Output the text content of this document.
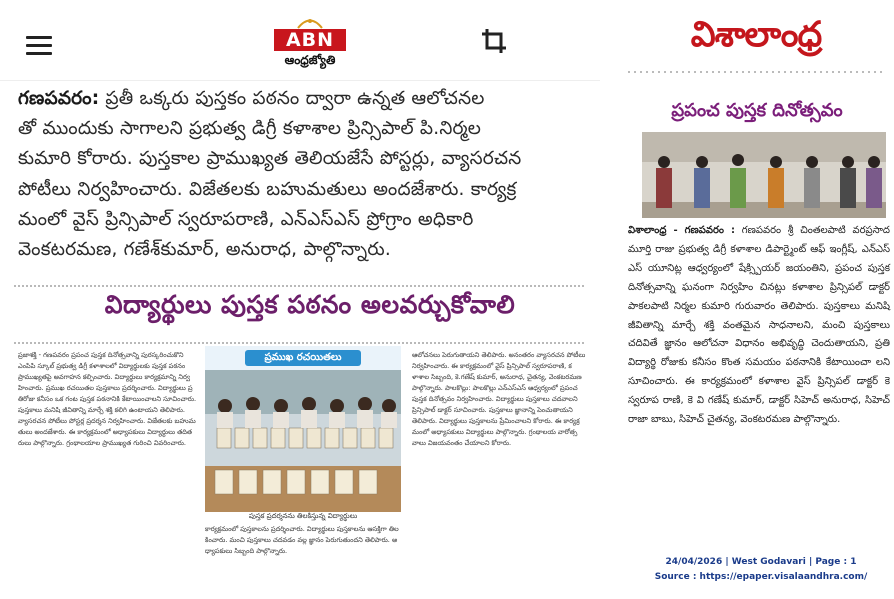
ABN
ఆంధ్రజ్యోతి
గణపవరం: ప్రతీ ఒక్కరు పుస్తకం పఠనం ద్వారా ఉన్నత ఆలోచనల
తో ముందుకు సాగాలని ప్రభుత్వ డిగ్రీ కళాశాల ప్రిన్సిపాల్ పి.నిర్మల
కుమారి కోరారు. పుస్తకాల ప్రాముఖ్యత తెలియజేసే పోస్టర్లు, వ్యాసరచన
పోటీలు నిర్వహించారు. విజేతలకు బహుమతులు అందజేశారు. కార్యక్ర
మంలో వైస్ ప్రిన్సిపాల్ స్వరూపరాణి, ఎన్ఎస్ఎస్ ప్రోగ్రాం అధికారి
వెంకటరమణ, గణేశ్‌కుమార్, అనురాధ, పాల్గొన్నారు.
విద్యార్థులు పుస్తక పఠనం అలవర్చుకోవాలి
ప్రజాశక్తి - గణపవరం ప్రపంచ పుస్తక దినోత్సవాన్ని పురస్కరించుకొని ఎంపిపి స్కూల్ ప్రభుత్వ డిగ్రీ కళాశాలలో విద్యార్థులకు పుస్తక పఠనం ప్రాముఖ్యతపై అవగాహన కల్పించారు. విద్యార్థులు కార్యక్రమాన్ని నిర్వహించారు. ప్రముఖ రచయితల పుస్తకాలు ప్రదర్శించారు. విద్యార్థులు ప్రతిరోజు కనీసం ఒక గంట పుస్తక పఠనానికి కేటాయించాలని సూచించారు. పుస్తకాలు మనిషి జీవితాన్ని మార్చే శక్తి కలిగి ఉంటాయని తెలిపారు. వ్యాసరచన పోటీలు పోస్టర్ల ప్రదర్శన నిర్వహించారు. విజేతలకు బహుమతులు అందజేశారు. ఈ కార్యక్రమంలో అధ్యాపకులు విద్యార్థులు తదితరులు పాల్గొన్నారు. గ్రంథాలయాల ప్రాముఖ్యత గురించి వివరించారు.
ప్రముఖ రచయితలు
పుస్తక ప్రదర్శనను తిలకిస్తున్న విద్యార్థులు
కార్యక్రమంలో పుస్తకాలను ప్రదర్శించారు. విద్యార్థులు పుస్తకాలను ఆసక్తిగా తిలకించారు. మంచి పుస్తకాలు చదవడం వల్ల జ్ఞానం పెరుగుతుందని తెలిపారు. అధ్యాపకులు సిబ్బంది పాల్గొన్నారు.
ఆలోచనలు పెరుగుతాయని తెలిపారు. అనంతరం వ్యాసరచన పోటీలు నిర్వహించారు. ఈ కార్యక్రమంలో వైస్ ప్రిన్సిపాల్ స్వరూపరాణి, కళాశాల సిబ్బంది, కె.గణేష్ కుమార్, అనురాధ, చైతన్య, వెంకటరమణ పాల్గొన్నారు. పాలకొల్లు: పాలకొల్లు ఎన్ఎస్ఎస్ ఆధ్వర్యంలో ప్రపంచ పుస్తక దినోత్సవం నిర్వహించారు. విద్యార్థులు పుస్తకాలు చదవాలని ప్రిన్సిపాల్ డాక్టర్ సూచించారు. పుస్తకాలు జ్ఞానాన్ని పెంచుతాయని తెలిపారు. విద్యార్థులు పుస్తకాలను ప్రేమించాలని కోరారు. ఈ కార్యక్రమంలో అధ్యాపకులు విద్యార్థులు పాల్గొన్నారు. గ్రంథాలయ వారోత్సవాలు విజయవంతం చేయాలని కోరారు.
విశాలాంధ్ర
ప్రపంచ పుస్తక దినోత్సవం
విశాలాంధ్ర - గణపవరం : గణపవరం శ్రీ చింతలపాటి వరప్రసాద మూర్తి రాజు ప్రభుత్వ డిగ్రీ కళాశాల డిపార్ట్మెంట్ ఆఫ్ ఇంగ్లీష్, ఎన్ఎస్ ఎస్ యూనిట్ల ఆధ్వర్యంలో షేక్స్పియర్ జయంతిని, ప్రపంచ పుస్తక దినోత్సవాన్ని ఘనంగా నిర్వహిం చినట్లు కళాశాల ప్రిన్సిపల్ డాక్టర్ పాకలపాటి నిర్మల కుమారి గురువారం తెలిపారు. పుస్తకాలు మనిషి జీవితాన్ని మార్చే శక్తి వంతమైన సాధనాలని, మంచి పుస్తకాలు చదివితే జ్ఞానం ఆలోచనా విధానం అభివృద్ధి చెందుతాయని, ప్రతి విద్యార్థి రోజుకు కనీసం కొంత సమయం పఠనానికి కేటాయించా లని సూచించారు. ఈ కార్యక్రమంలో కళాశాల వైస్ ప్రిన్సిపల్ డాక్టర్ కె స్వరూప రాణి, కె వి గణేష్ కుమార్, డాక్టర్ సిహెచ్ అనురాధ, సిహెచ్ రాజా బాబు, సిహెచ్ చైతన్య, వెంకటరమణ పాల్గొన్నారు.
24/04/2026 | West Godavari | Page : 1
Source : https://epaper.visalaandhra.com/
